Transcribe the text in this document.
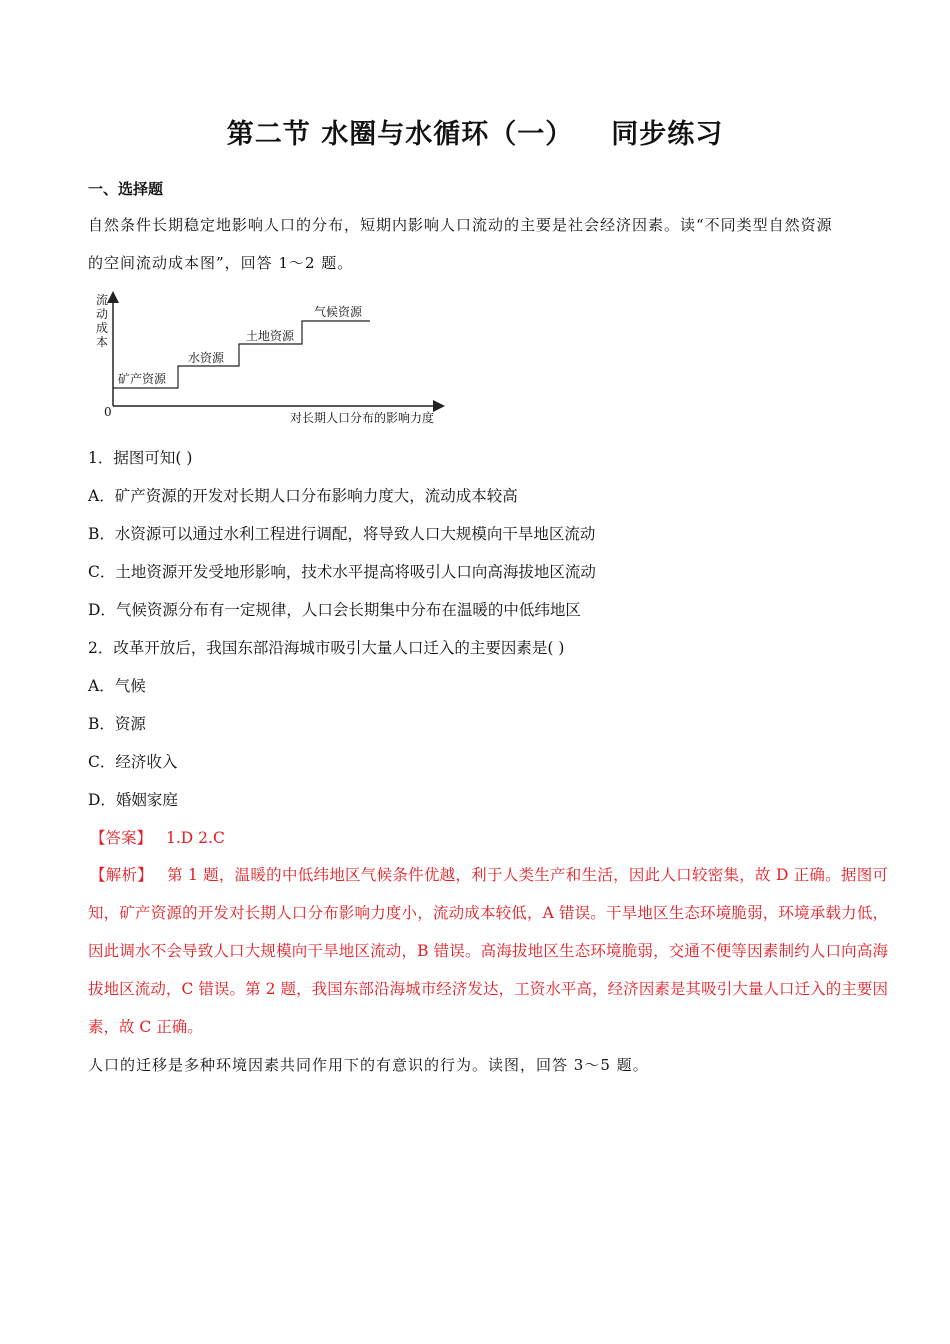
第二节 水圈与水循环（一） 同步练习
一、选择题
自然条件长期稳定地影响人口的分布，短期内影响人口流动的主要是社会经济因素。读“不同类型自然资源
的空间流动成本图”，回答 1～2 题。
流
动
成
本
0	对长期人口分布的影响力度
矿产资源
水资源
土地资源
气候资源
1．据图可知( )
A．矿产资源的开发对长期人口分布影响力度大，流动成本较高
B．水资源可以通过水利工程进行调配，将导致人口大规模向干旱地区流动
C．土地资源开发受地形影响，技术水平提高将吸引人口向高海拔地区流动
D．气候资源分布有一定规律，人口会长期集中分布在温暖的中低纬地区
2．改革开放后，我国东部沿海城市吸引大量人口迁入的主要因素是( )
A．气候
B．资源
C．经济收入
D．婚姻家庭
【答案】 1.D 2.C
【解析】 第 1 题，温暖的中低纬地区气候条件优越，利于人类生产和生活，因此人口较密集，故 D 正确。据图可知，矿产资源的开发对长期人口分布影响力度小，流动成本较低，A 错误。干旱地区生态环境脆弱，环境承载力低，因此调水不会导致人口大规模向干旱地区流动，B 错误。高海拔地区生态环境脆弱，交通不便等因素制约人口向高海拔地区流动，C 错误。第 2 题，我国东部沿海城市经济发达，工资水平高，经济因素是其吸引大量人口迁入的主要因素，故 C 正确。
人口的迁移是多种环境因素共同作用下的有意识的行为。读图，回答 3～5 题。
